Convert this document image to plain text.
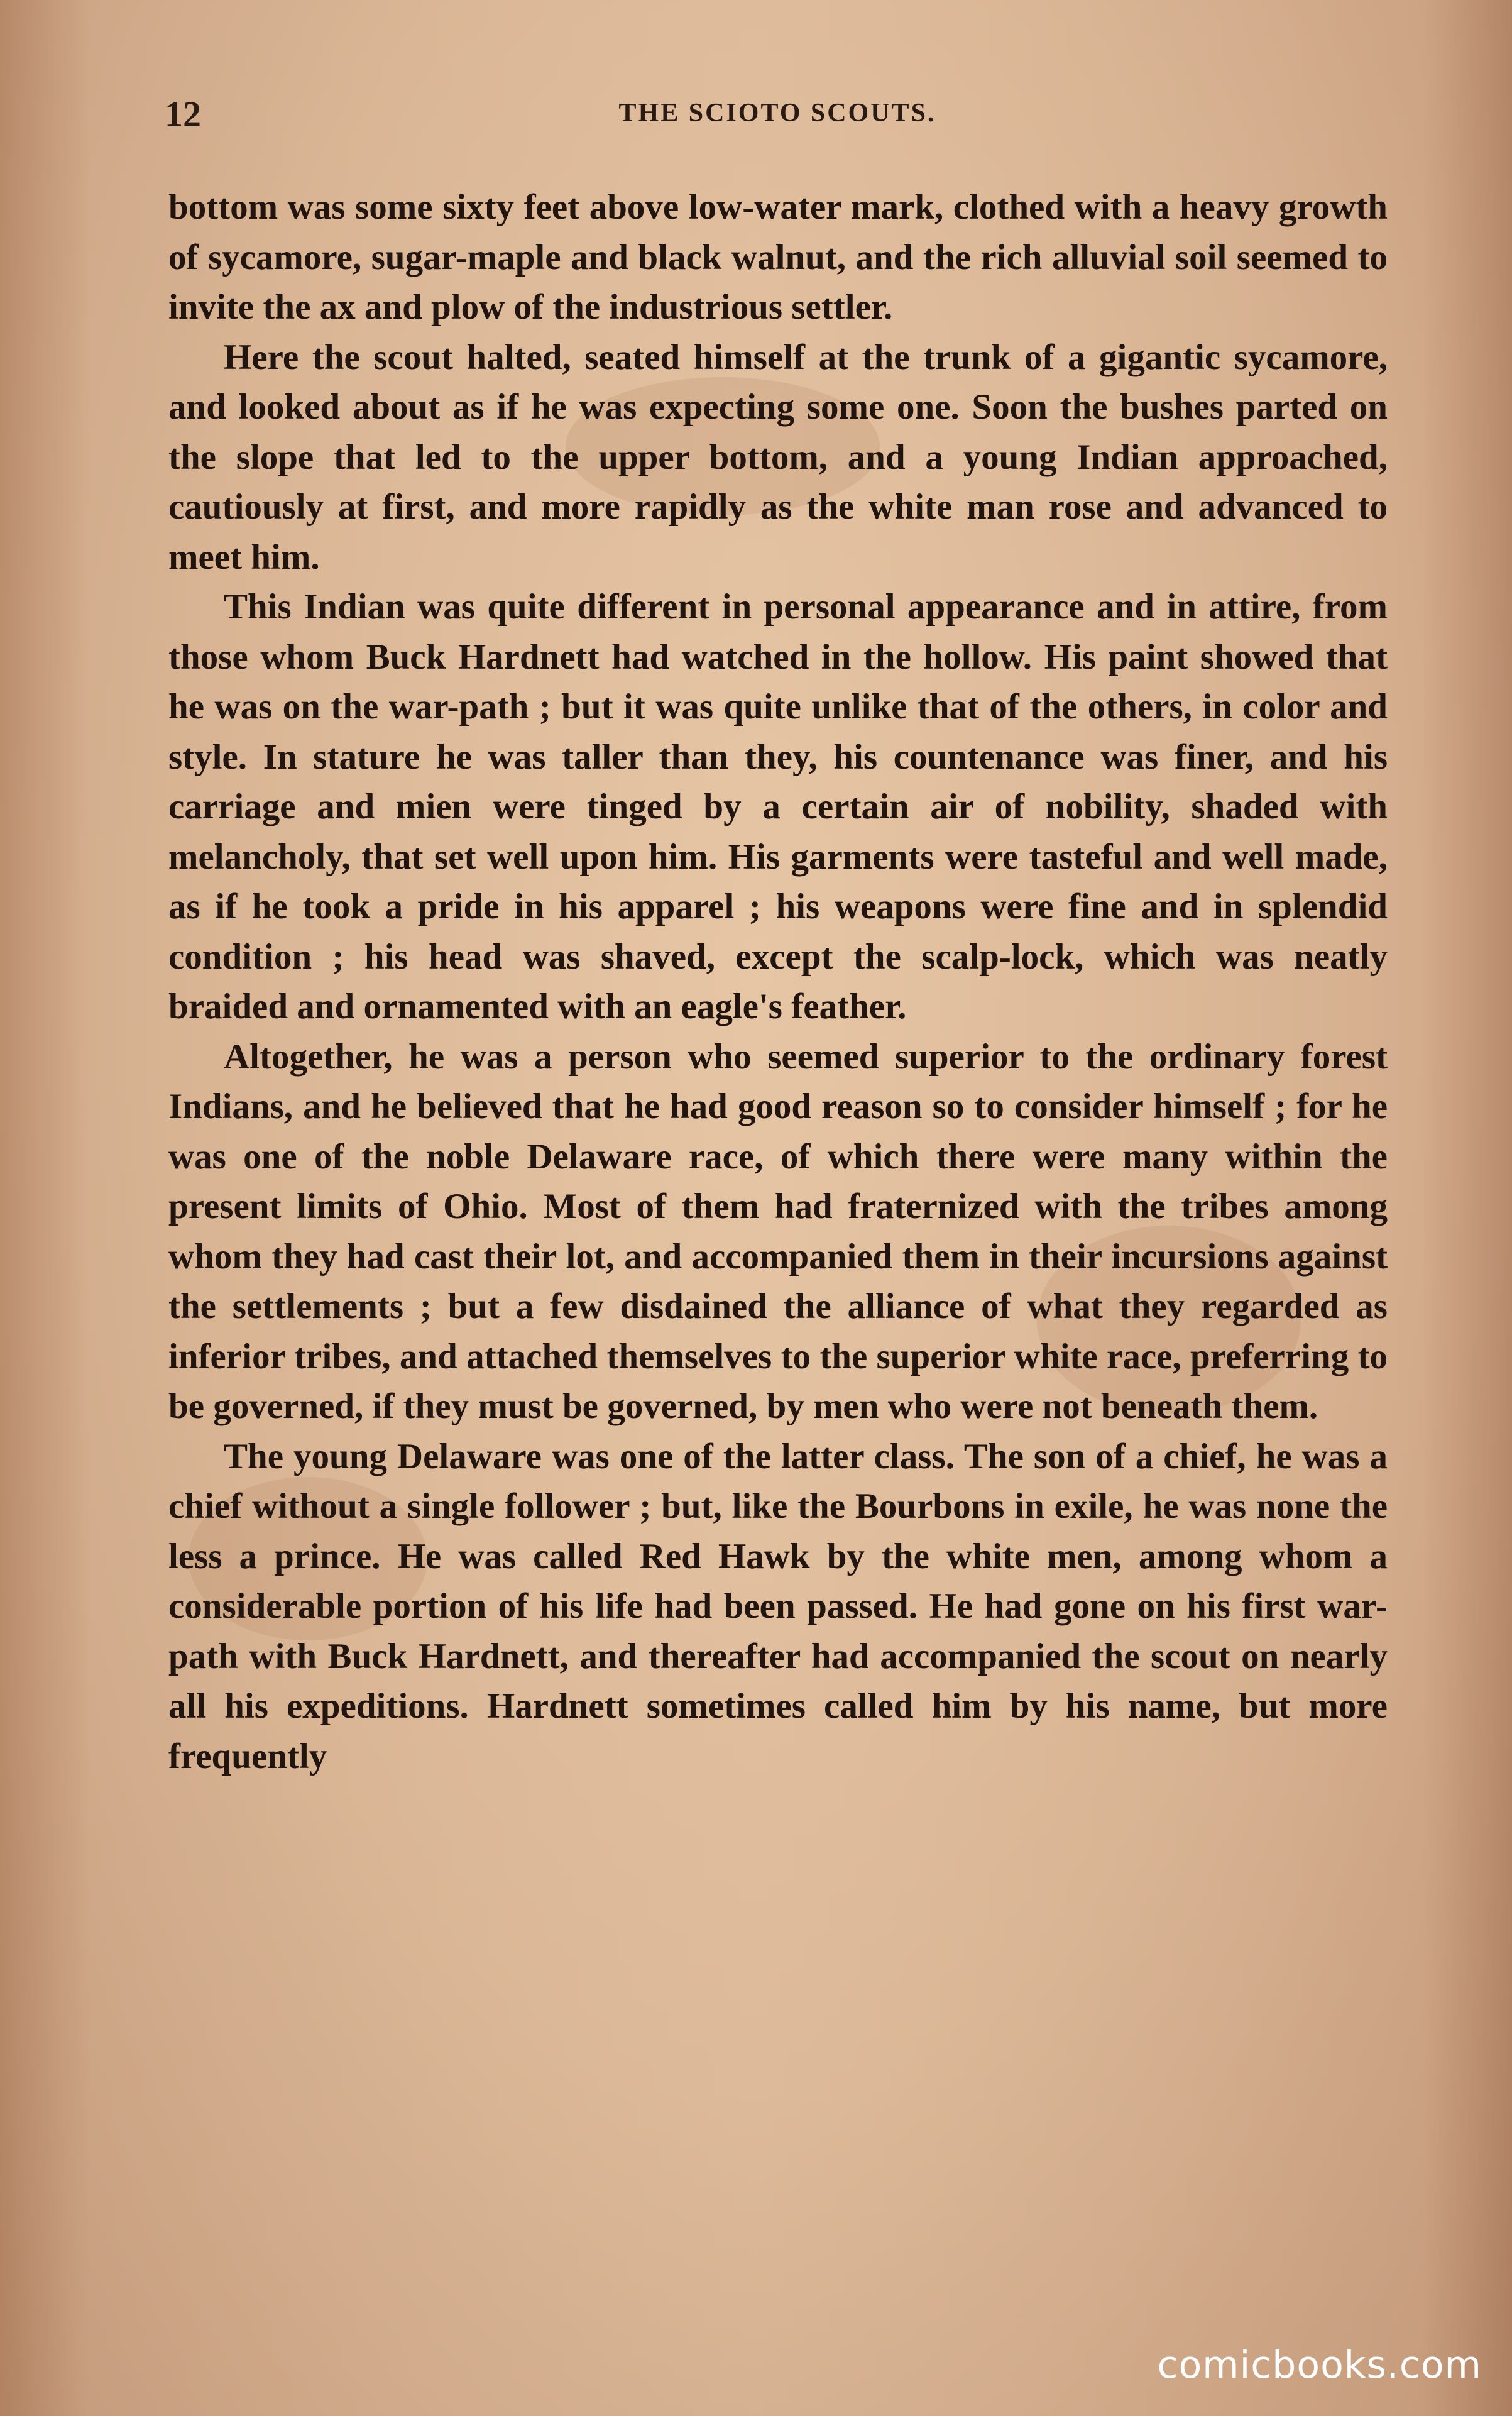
12	THE SCIOTO SCOUTS.

bottom was some sixty feet above low-water mark, clothed with a heavy growth of sycamore, sugar-maple and black walnut, and the rich alluvial soil seemed to invite the ax and plow of the industrious settler.

Here the scout halted, seated himself at the trunk of a gigantic sycamore, and looked about as if he was expecting some one. Soon the bushes parted on the slope that led to the upper bottom, and a young Indian approached, cautiously at first, and more rapidly as the white man rose and advanced to meet him.

This Indian was quite different in personal appearance and in attire, from those whom Buck Hardnett had watched in the hollow. His paint showed that he was on the war-path ; but it was quite unlike that of the others, in color and style. In stature he was taller than they, his countenance was finer, and his carriage and mien were tinged by a certain air of nobility, shaded with melancholy, that set well upon him. His garments were tasteful and well made, as if he took a pride in his apparel ; his weapons were fine and in splendid condition ; his head was shaved, except the scalp-lock, which was neatly braided and ornamented with an eagle's feather.

Altogether, he was a person who seemed superior to the ordinary forest Indians, and he believed that he had good reason so to consider himself ; for he was one of the noble Delaware race, of which there were many within the present limits of Ohio. Most of them had fraternized with the tribes among whom they had cast their lot, and accompanied them in their incursions against the settlements ; but a few disdained the alliance of what they regarded as inferior tribes, and attached themselves to the superior white race, preferring to be governed, if they must be governed, by men who were not beneath them.

The young Delaware was one of the latter class. The son of a chief, he was a chief without a single follower ; but, like the Bourbons in exile, he was none the less a prince. He was called Red Hawk by the white men, among whom a considerable portion of his life had been passed. He had gone on his first war-path with Buck Hardnett, and thereafter had accompanied the scout on nearly all his expeditions. Hardnett sometimes called him by his name, but more frequently

comicbooks.com
